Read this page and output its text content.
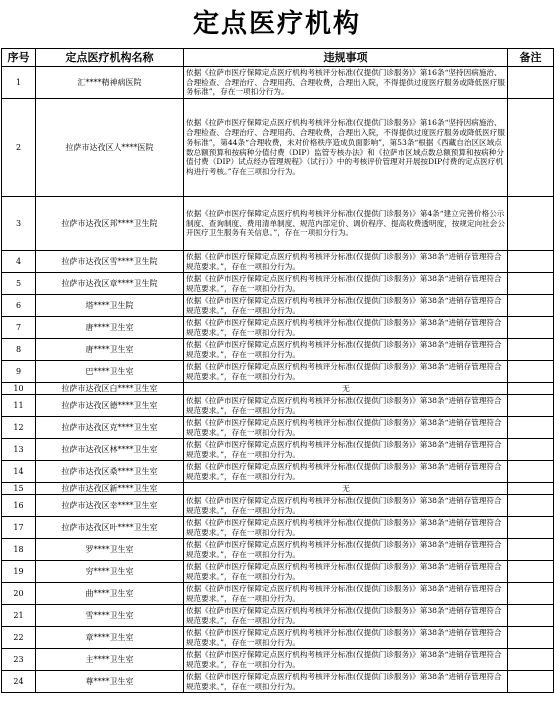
定点医疗机构
序号	定点医疗机构名称	违规事项	备注
1	汇****精神病医院	依据《拉萨市医疗保障定点医疗机构考核评分标准(仅提供门诊服务)》第16条“坚持因病施治、合理检查、合理治疗、合理用药、合理收费，合理出入院，不得提供过度医疗服务或降低医疗服务标准”，存在一项扣分行为。	
2	拉萨市达孜区人****医院	依据《拉萨市医疗保障定点医疗机构考核评分标准(仅提供门诊服务)》第16条“坚持因病施治、合理检查、合理治疗、合理用药、合理收费，合理出入院，不得提供过度医疗服务或降低医疗服务标准”，第44条“合理收费，未对价格秩序造成负面影响”，第53条“根据《西藏自治区区域点数总额预算和按病种分值付费（DIP）监管专核办法》和《拉萨市区域点数总额预算和按病种分值付费（DIP）试点经办管理规程》（试行）》中的考核评价管理对开展按DIP付费的定点医疗机构进行考核。”存在三项扣分行为。	
3	拉萨市达孜区邦****卫生院	依据《拉萨市医疗保障定点医疗机构考核评分标准(仅提供门诊服务)》第4条“建立完善价格公示制度、查询制度、费用清单制度、规范内部定价、调价程序、提高收费透明度，按规定向社会公开医疗卫生服务有关信息。”，存在一项扣分行为。	
4	拉萨市达孜区雪****卫生院	依据《拉萨市医疗保障定点医疗机构考核评分标准(仅提供门诊服务)》第38条“进销存管理符合规范要求。”，存在一项扣分行为。	
5	拉萨市达孜区章****卫生院	依据《拉萨市医疗保障定点医疗机构考核评分标准(仅提供门诊服务)》第38条“进销存管理符合规范要求。”，存在一项扣分行为。	
6	塔****卫生院	依据《拉萨市医疗保障定点医疗机构考核评分标准(仅提供门诊服务)》第38条“进销存管理符合规范要求。”，存在一项扣分行为。	
7	唐****卫生室	依据《拉萨市医疗保障定点医疗机构考核评分标准(仅提供门诊服务)》第38条“进销存管理符合规范要求。”，存在一项扣分行为。	
8	唐****卫生室	依据《拉萨市医疗保障定点医疗机构考核评分标准(仅提供门诊服务)》第38条“进销存管理符合规范要求。”，存在一项扣分行为。	
9	巴****卫生室	依据《拉萨市医疗保障定点医疗机构考核评分标准(仅提供门诊服务)》第38条“进销存管理符合规范要求。”，存在一项扣分行为。	
10	拉萨市达孜区白****卫生室	无	
11	拉萨市达孜区德****卫生室	依据《拉萨市医疗保障定点医疗机构考核评分标准(仅提供门诊服务)》第38条“进销存管理符合规范要求。”，存在一项扣分行为。	
12	拉萨市达孜区克****卫生室	依据《拉萨市医疗保障定点医疗机构考核评分标准(仅提供门诊服务)》第38条“进销存管理符合规范要求。”，存在一项扣分行为。	
13	拉萨市达孜区林****卫生室	依据《拉萨市医疗保障定点医疗机构考核评分标准(仅提供门诊服务)》第38条“进销存管理符合规范要求。”，存在一项扣分行为。	
14	拉萨市达孜区桑****卫生室	依据《拉萨市医疗保障定点医疗机构考核评分标准(仅提供门诊服务)》第38条“进销存管理符合规范要求。”，存在一项扣分行为。	
15	拉萨市达孜区新****卫生室	无	
16	拉萨市达孜区幸****卫生室	依据《拉萨市医疗保障定点医疗机构考核评分标准(仅提供门诊服务)》第38条“进销存管理符合规范要求。”，存在一项扣分行为。	
17	拉萨市达孜区叶****卫生室	依据《拉萨市医疗保障定点医疗机构考核评分标准(仅提供门诊服务)》第38条“进销存管理符合规范要求。”，存在一项扣分行为。	
18	罗****卫生室	依据《拉萨市医疗保障定点医疗机构考核评分标准(仅提供门诊服务)》第38条“进销存管理符合规范要求。”，存在一项扣分行为。	
19	穷****卫生室	依据《拉萨市医疗保障定点医疗机构考核评分标准(仅提供门诊服务)》第38条“进销存管理符合规范要求。”，存在一项扣分行为。	
20	曲****卫生室	依据《拉萨市医疗保障定点医疗机构考核评分标准(仅提供门诊服务)》第38条“进销存管理符合规范要求。”，存在一项扣分行为。	
21	雪****卫生室	依据《拉萨市医疗保障定点医疗机构考核评分标准(仅提供门诊服务)》第38条“进销存管理符合规范要求。”，存在一项扣分行为。	
22	章****卫生室	依据《拉萨市医疗保障定点医疗机构考核评分标准(仅提供门诊服务)》第38条“进销存管理符合规范要求。”，存在一项扣分行为。	
23	主****卫生室	依据《拉萨市医疗保障定点医疗机构考核评分标准(仅提供门诊服务)》第38条“进销存管理符合规范要求。”，存在一项扣分行为。	
24	尊****卫生室	依据《拉萨市医疗保障定点医疗机构考核评分标准(仅提供门诊服务)》第38条“进销存管理符合规范要求。”，存在一项扣分行为。	
